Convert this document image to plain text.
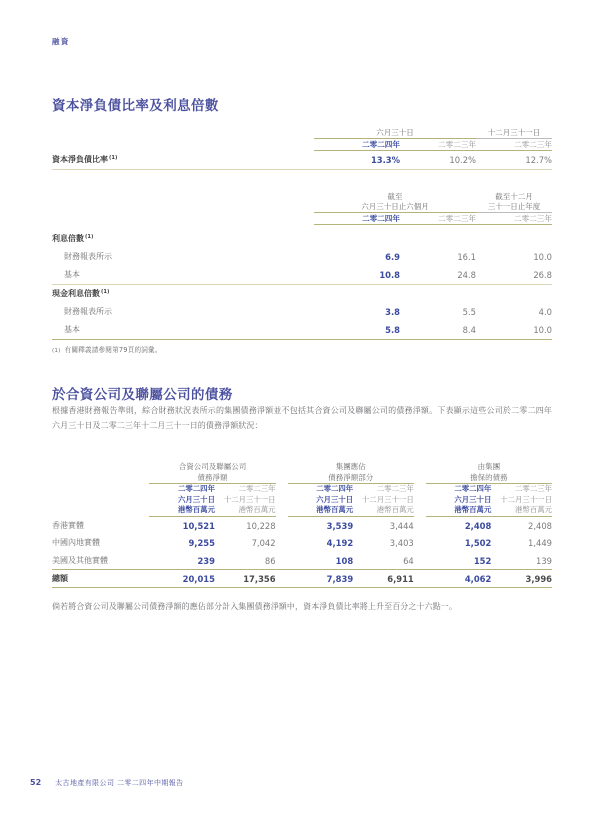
融資
資本淨負債比率及利息倍數
	六月三十日		十二月三十一日
	二零二四年	二零二三年	二零二三年
資本淨負債比率$^{(1)}$	13.3%	10.2%	12.7%

	截至
六月三十日止六個月		截至十二月
三十一日止年度
	二零二四年	二零二三年	二零二三年

利息倍數$^{(1)}$			
財務報表所示	6.9	16.1	10.0
基本	10.8	24.8	26.8
現金利息倍數$^{(1)}$			
財務報表所示	3.8	5.5	4.0
基本	5.8	8.4	10.0
(1) 有關釋義請參閱第79頁的詞彙。
於合資公司及聯屬公司的債務
根據香港財務報告準則，綜合財務狀況表所示的集團債務淨額並不包括其合資公司及聯屬公司的債務淨額。下表顯示這些公司於二零二四年六月三十日及二零二三年十二月三十一日的債務淨額狀況：
	合資公司及聯屬公司
債務淨額			集團應佔
債務淨額部分			由集團
擔保的債務	
	二零二四年
六月三十日
港幣百萬元	二零二三年
十二月三十一日
港幣百萬元		二零二四年
六月三十日
港幣百萬元	二零二三年
十二月三十一日
港幣百萬元		二零二四年
六月三十日
港幣百萬元	二零二三年
十二月三十一日
港幣百萬元
香港實體	10,521	10,228		3,539	3,444		2,408	2,408
中國內地實體	9,255	7,042		4,192	3,403		1,502	1,449
美國及其他實體	239	86		108	64		152	139
總額	20,015	17,356		7,839	6,911		4,062	3,996
倘若將合資公司及聯屬公司債務淨額的應佔部分計入集團債務淨額中，資本淨負債比率將上升至百分之十六點一。
52 太古地產有限公司 二零二四年中期報告
